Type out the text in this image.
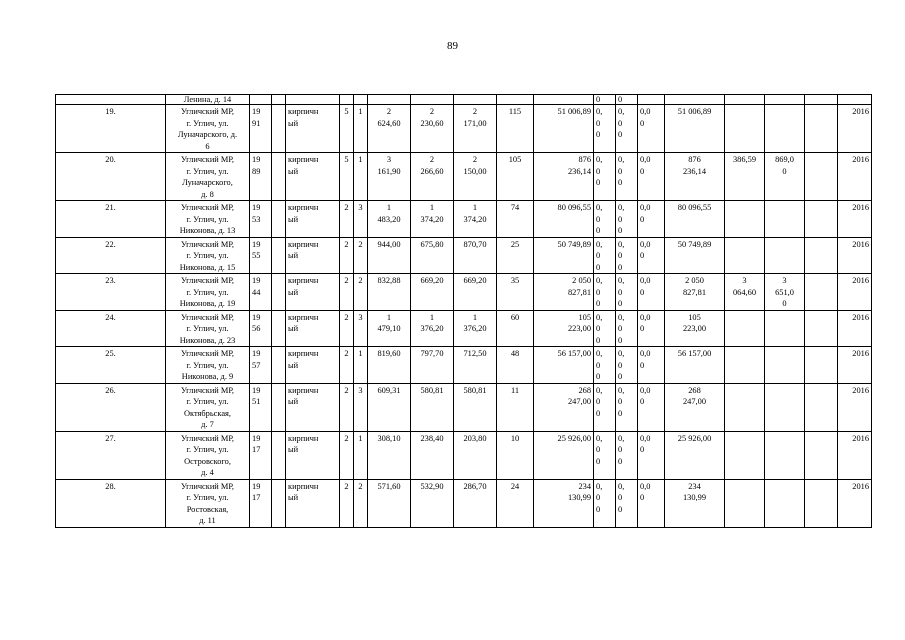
89

	Ленина, д. 14											0	0						

19.	Угличский МР,
г. Углич, ул.
Луначарского, д.
6	19
91		кирпичн
ый	5	1	2
624,60	2
230,60	2
171,00	115	51 006,89	0,
0
0	0,
0
0	0,0
0	51 006,89				2016
20.	Угличский МР,
г. Углич, ул.
Луначарского,
д. 8	19
89		кирпичн
ый	5	1	3
161,90	2
266,60	2
150,00	105	876
236,14	0,
0
0	0,
0
0	0,0
0	876
236,14	386,59	869,0
0		2016
21.	Угличский МР,
г. Углич, ул.
Никонова, д. 13	19
53		кирпичн
ый	2	3	1
483,20	1
374,20	1
374,20	74	80 096,55	0,
0
0	0,
0
0	0,0
0	80 096,55				2016
22.	Угличский МР,
г. Углич, ул.
Никонова, д. 15	19
55		кирпичн
ый	2	2	944,00	675,80	870,70	25	50 749,89	0,
0
0	0,
0
0	0,0
0	50 749,89				2016
23.	Угличский МР,
г. Углич, ул.
Никонова, д. 19	19
44		кирпичн
ый	2	2	832,88	669,20	669,20	35	2 050
827,81	0,
0
0	0,
0
0	0,0
0	2 050
827,81	3
064,60	3
651,0
0		2016
24.	Угличский МР,
г. Углич, ул.
Никонова, д. 23	19
56		кирпичн
ый	2	3	1
479,10	1
376,20	1
376,20	60	105
223,00	0,
0
0	0,
0
0	0,0
0	105
223,00				2016
25.	Угличский МР,
г. Углич, ул.
Никонова, д. 9	19
57		кирпичн
ый	2	1	819,60	797,70	712,50	48	56 157,00	0,
0
0	0,
0
0	0,0
0	56 157,00				2016
26.	Угличский МР,
г. Углич, ул.
Октябрьская,
д. 7	19
51		кирпичн
ый	2	3	609,31	580,81	580,81	11	268
247,00	0,
0
0	0,
0
0	0,0
0	268
247,00				2016
27.	Угличский МР,
г. Углич, ул.
Островского,
д. 4	19
17		кирпичн
ый	2	1	308,10	238,40	203,80	10	25 926,00	0,
0
0	0,
0
0	0,0
0	25 926,00				2016
28.	Угличский МР,
г. Углич, ул.
Ростовская,
д. 11	19
17		кирпичн
ый	2	2	571,60	532,90	286,70	24	234
130,99	0,
0
0	0,
0
0	0,0
0	234
130,99				2016
